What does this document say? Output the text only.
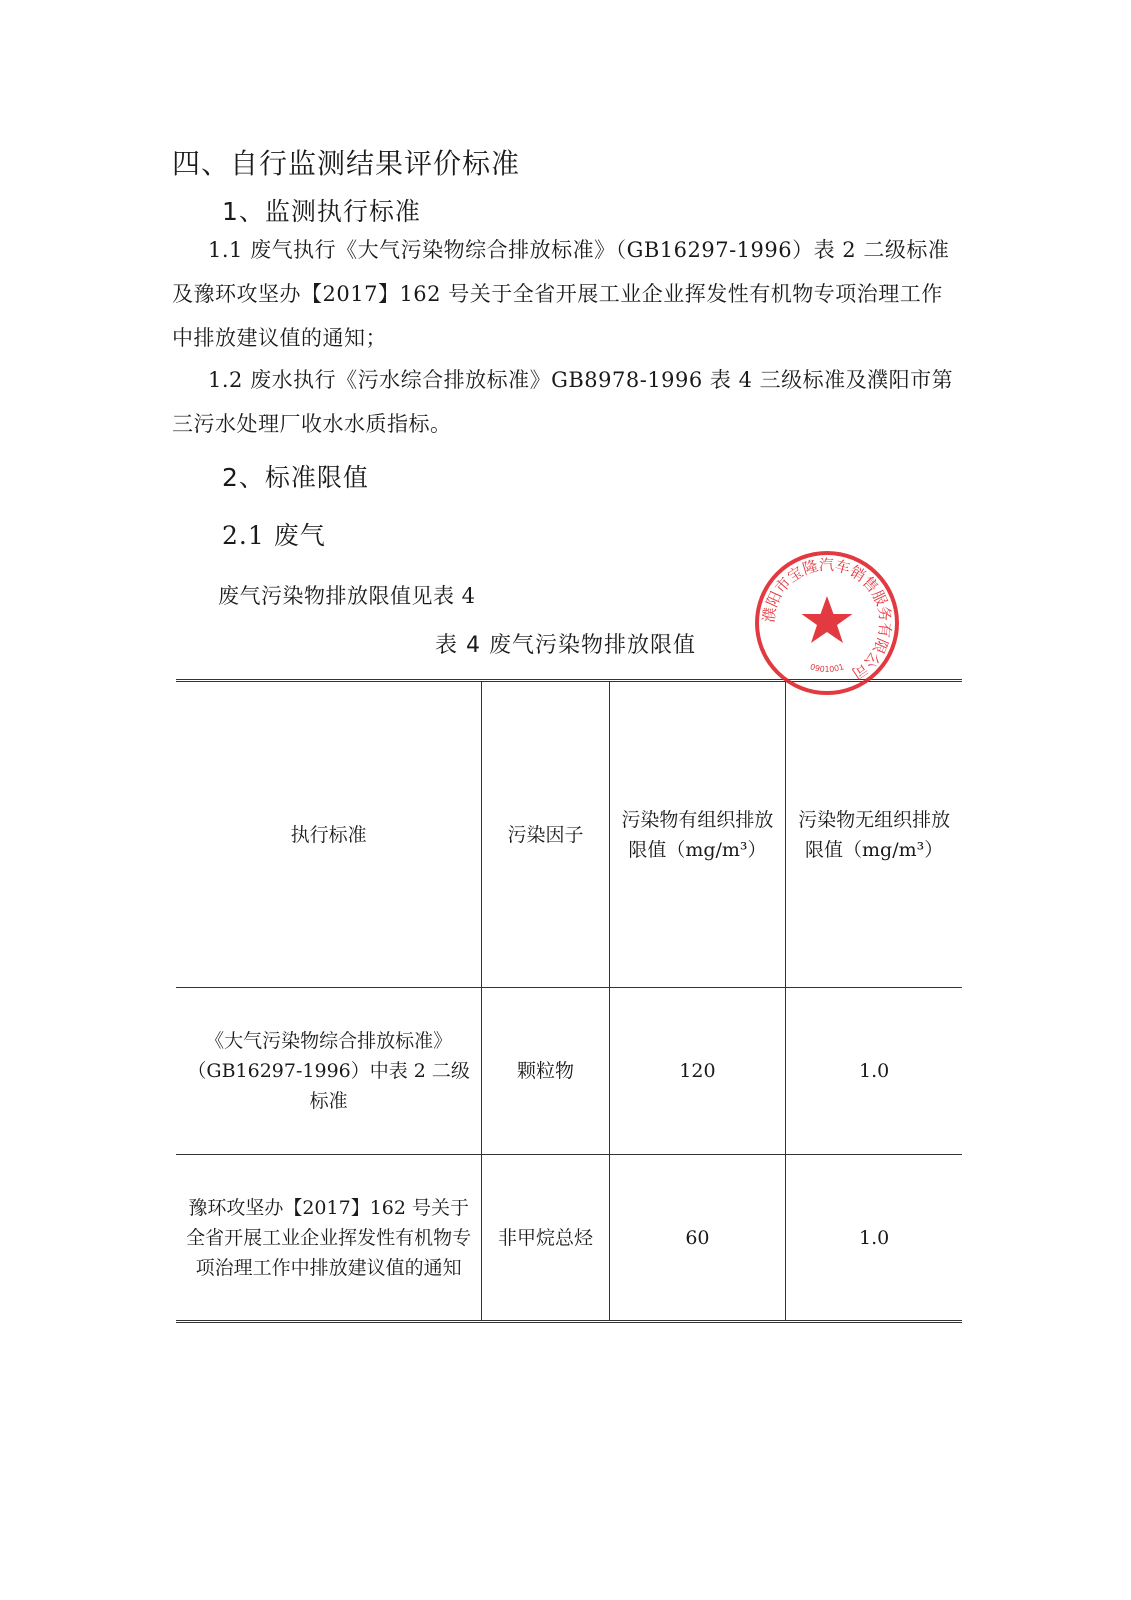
四、自行监测结果评价标准
1、监测执行标准

1.1 废气执行《大气污染物综合排放标准》（GB16297-1996）表 2 二级标准及豫环攻坚办【2017】162 号关于全省开展工业企业挥发性有机物专项治理工作中排放建议值的通知；

1.2 废水执行《污水综合排放标准》GB8978-1996 表 4 三级标准及濮阳市第三污水处理厂收水水质指标。

2、标准限值
2.1 废气
废气污染物排放限值见表 4
表 4 废气污染物排放限值
执行标准	污染因子	污染物有组织排放限值（mg/m³）	污染物无组织排放限值（mg/m³）
《大气污染物综合排放标准》（GB16297-1996）中表 2 二级标准	颗粒物	120	1.0
豫环攻坚办【2017】162 号关于全省开展工业企业挥发性有机物专项治理工作中排放建议值的通知	非甲烷总烃	60	1.0
濮阳市宝隆汽车销售服务有限公司
0901001
